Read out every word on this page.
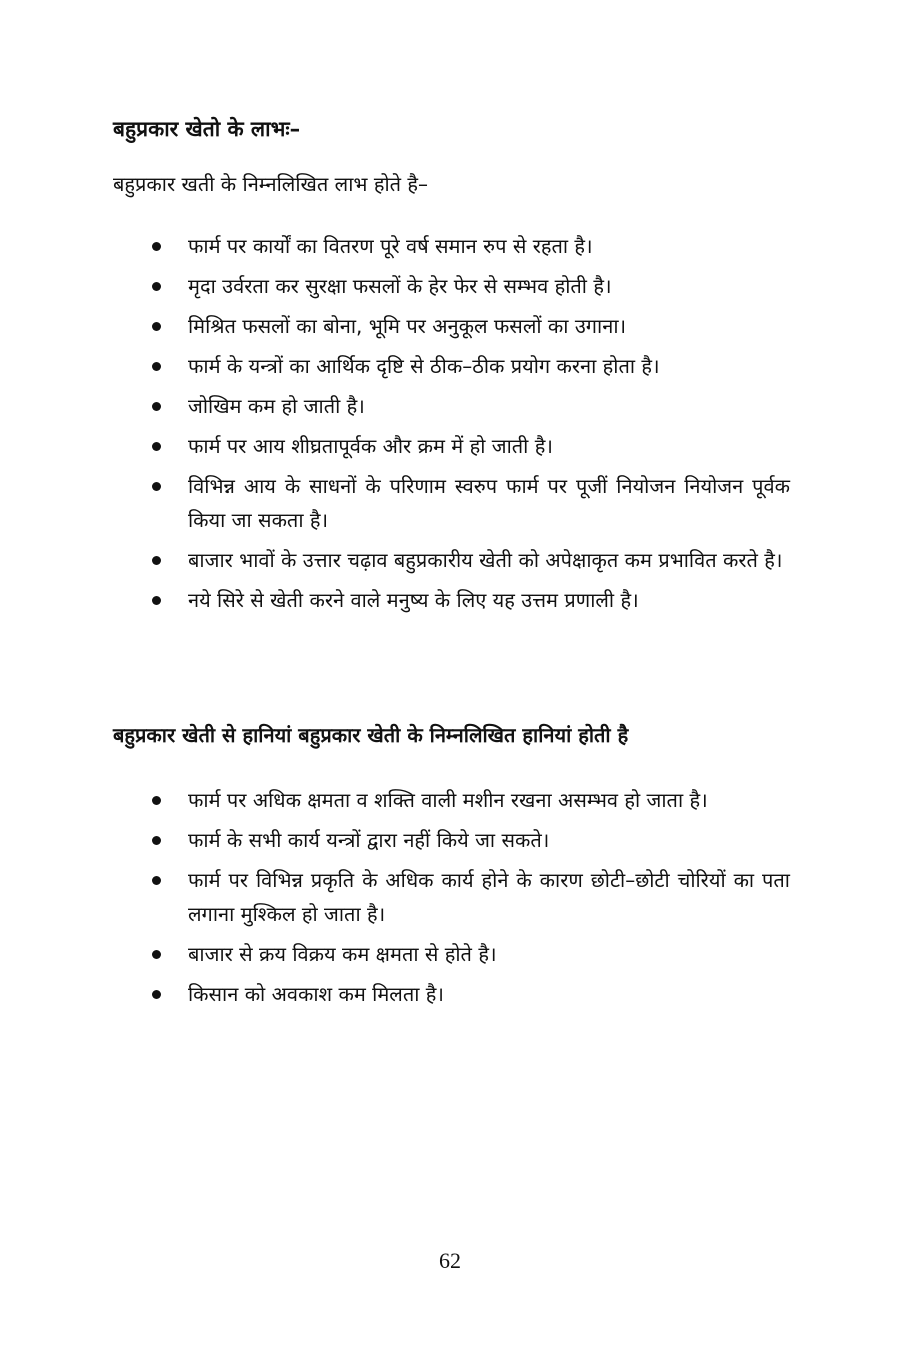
बहुप्रकार खेतो के लाभः–
बहुप्रकार खती के निम्नलिखित लाभ होते है–
फार्म पर कार्यों का वितरण पूरे वर्ष समान रुप से रहता है।
मृदा उर्वरता कर सुरक्षा फसलों के हेर फेर से सम्भव होती है।
मिश्रित फसलों का बोना, भूमि पर अनुकूल फसलों का उगाना।
फार्म के यन्त्रों का आर्थिक दृष्टि से ठीक–ठीक प्रयोग करना होता है।
जोखिम कम हो जाती है।
फार्म पर आय शीघ्रतापूर्वक और क्रम में हो जाती है।
विभिन्न आय के साधनों के परिणाम स्वरुप फार्म पर पूजीं नियोजन नियोजन पूर्वक किया जा सकता है।
बाजार भावों के उत्तार चढ़ाव बहुप्रकारीय खेती को अपेक्षाकृत कम प्रभावित करते है।
नये सिरे से खेती करने वाले मनुष्य के लिए यह उत्तम प्रणाली है।
बहुप्रकार खेती से हानियां बहुप्रकार खेती के निम्नलिखित हानियां होती है
फार्म पर अधिक क्षमता व शक्ति वाली मशीन रखना असम्भव हो जाता है।
फार्म के सभी कार्य यन्त्रों द्वारा नहीं किये जा सकते।
फार्म पर विभिन्न प्रकृति के अधिक कार्य होने के कारण छोटी–छोटी चोरियों का पता लगाना मुश्किल हो जाता है।
बाजार से क्रय विक्रय कम क्षमता से होते है।
किसान को अवकाश कम मिलता है।
62
